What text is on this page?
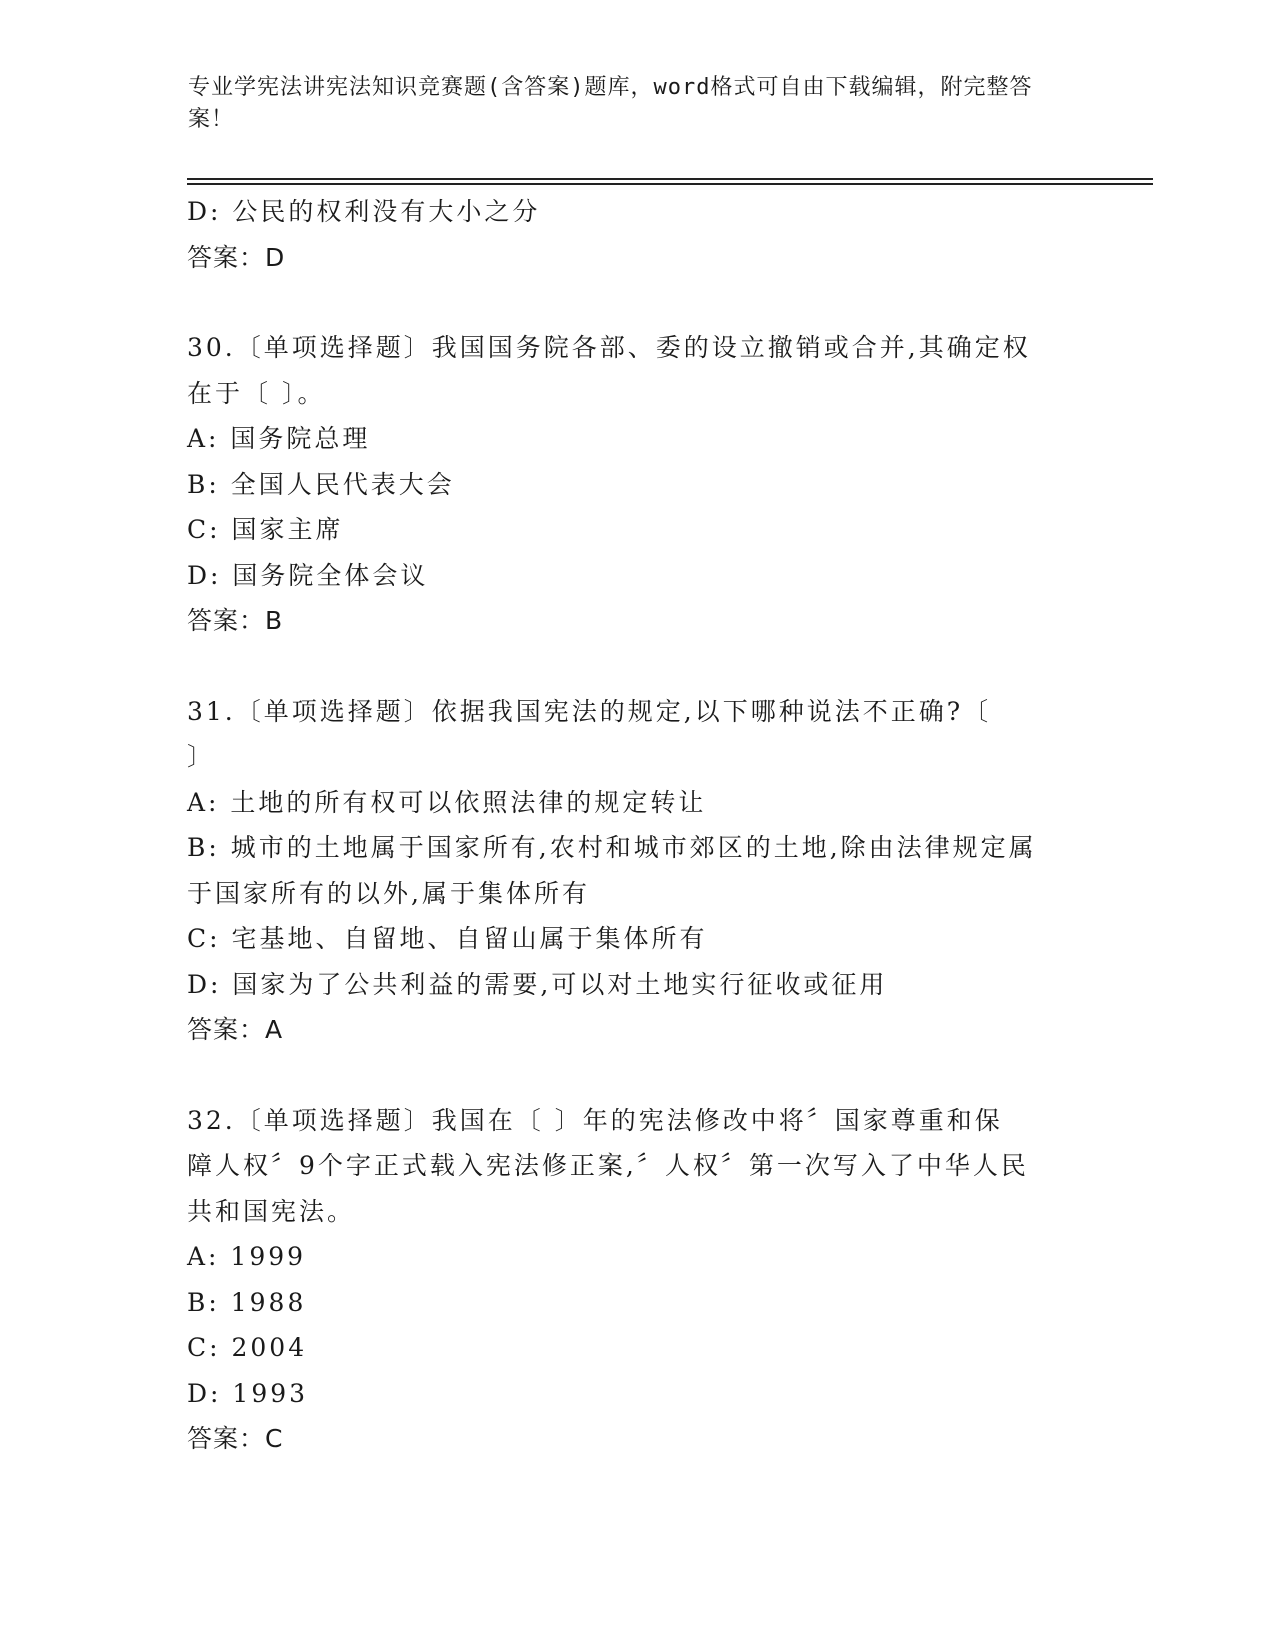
专业学宪法讲宪法知识竞赛题(含答案)题库，word格式可自由下载编辑，附完整答案！
D: 公民的权利没有大小之分
答案：D
30.〔单项选择题〕我国国务院各部、委的设立撤销或合并,其确定权
在于〔 〕。
A: 国务院总理
B: 全国人民代表大会
C: 国家主席
D: 国务院全体会议
答案：B
31.〔单项选择题〕依据我国宪法的规定,以下哪种说法不正确?〔
〕
A: 土地的所有权可以依照法律的规定转让
B: 城市的土地属于国家所有,农村和城市郊区的土地,除由法律规定属
于国家所有的以外,属于集体所有
C: 宅基地、自留地、自留山属于集体所有
D: 国家为了公共利益的需要,可以对土地实行征收或征用
答案：A
32.〔单项选择题〕我国在〔 〕年的宪法修改中将〞国家尊重和保
障人权〞9个字正式载入宪法修正案,〞人权〞第一次写入了中华人民
共和国宪法。
A: 1999
B: 1988
C: 2004
D: 1993
答案：C
